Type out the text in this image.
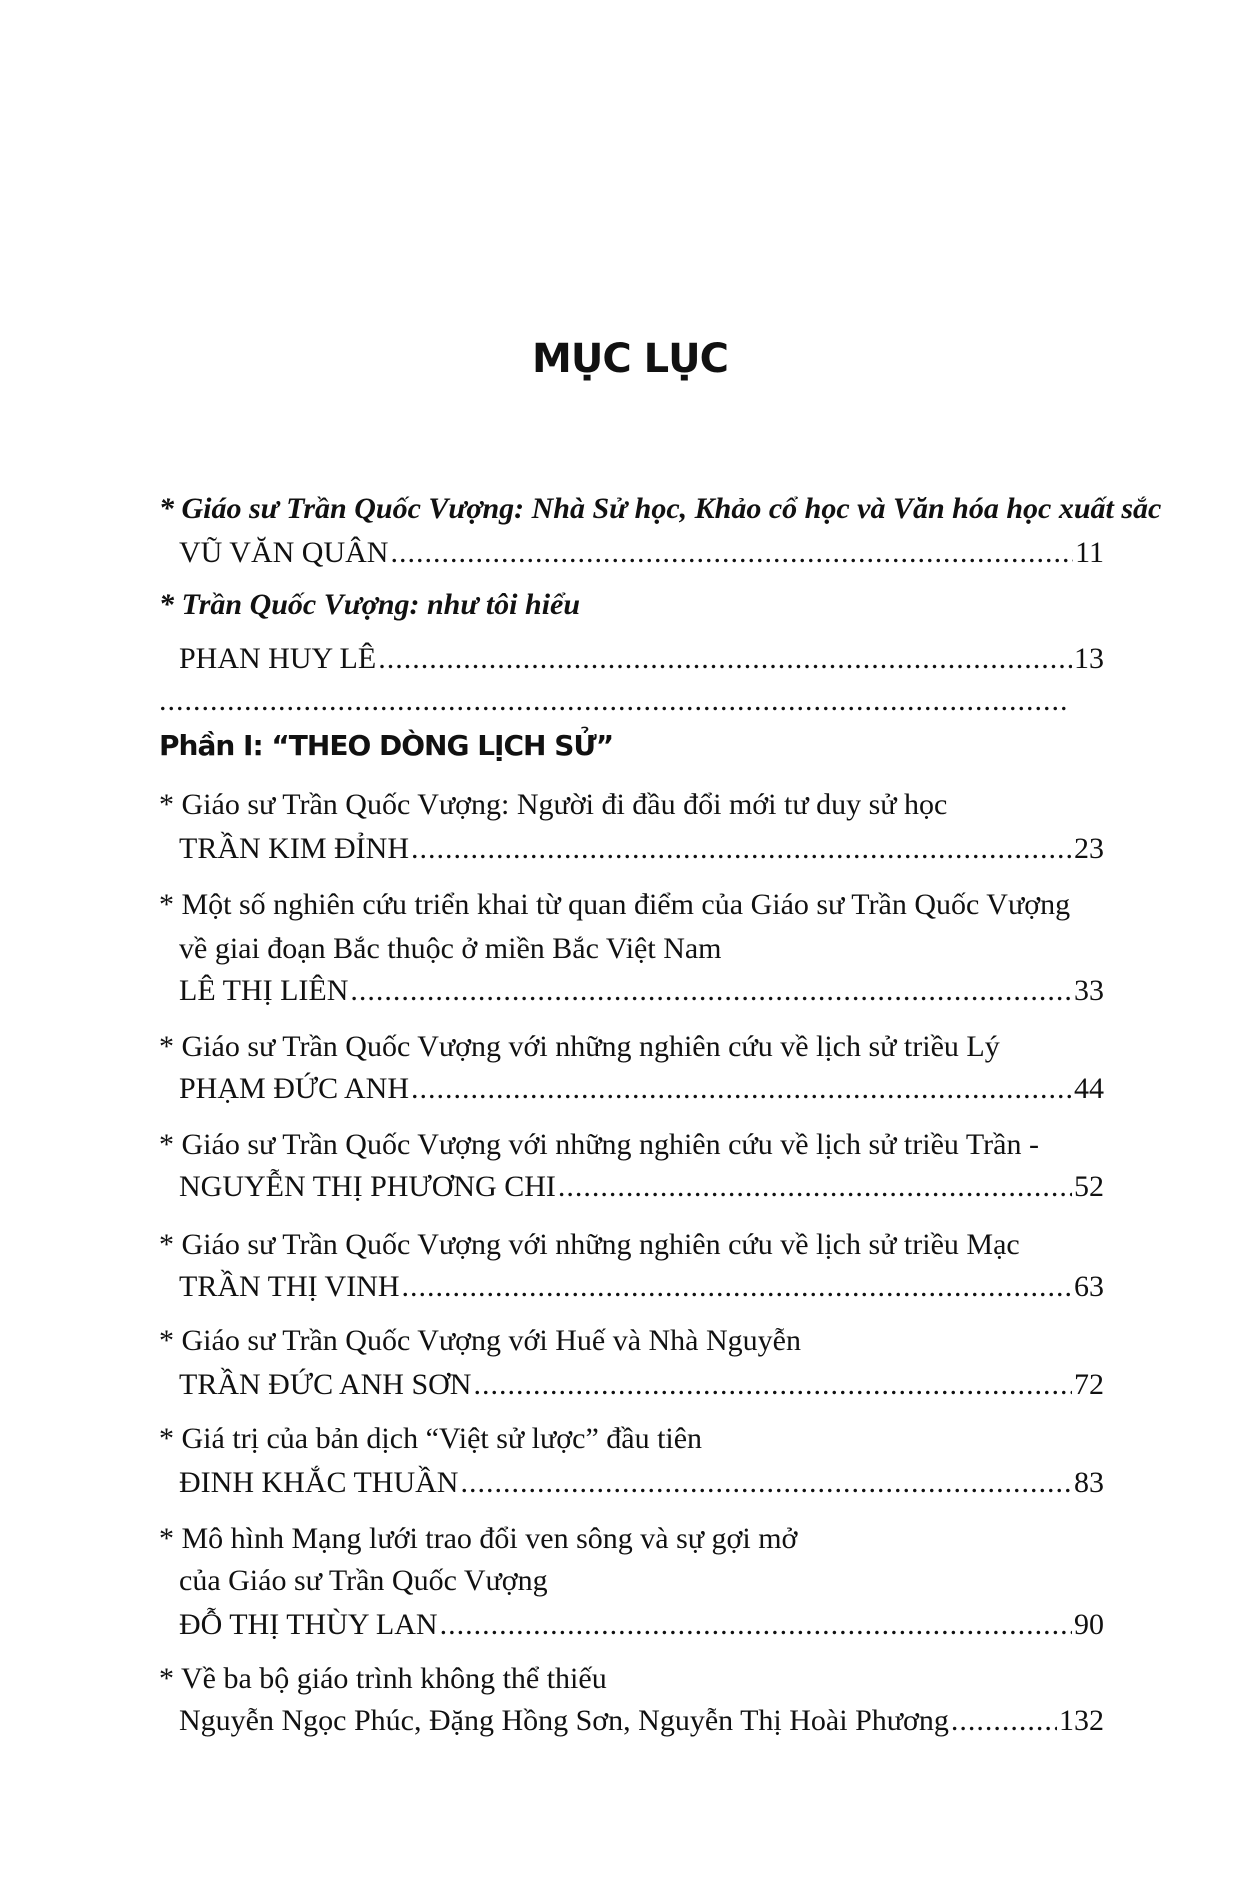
MỤC LỤC
* Giáo sư Trần Quốc Vượng: Nhà Sử học, Khảo cổ học và Văn hóa học xuất sắc
VŨ VĂN QUÂN .....	11
* Trần Quốc Vượng: như tôi hiểu
PHAN HUY LÊ .....	13
.....
Phần I: “THEO DÒNG LỊCH SỬ”
* Giáo sư Trần Quốc Vượng: Người đi đầu đổi mới tư duy sử học
TRẦN KIM ĐỈNH .....	23
* Một số nghiên cứu triển khai từ quan điểm của Giáo sư Trần Quốc Vượng
về giai đoạn Bắc thuộc ở miền Bắc Việt Nam
LÊ THỊ LIÊN .....	33
* Giáo sư Trần Quốc Vượng với những nghiên cứu về lịch sử triều Lý
PHẠM ĐỨC ANH .....	44
* Giáo sư Trần Quốc Vượng với những nghiên cứu về lịch sử triều Trần -
NGUYỄN THỊ PHƯƠNG CHI .....	52
* Giáo sư Trần Quốc Vượng với những nghiên cứu về lịch sử triều Mạc
TRẦN THỊ VINH .....	63
* Giáo sư Trần Quốc Vượng với Huế và Nhà Nguyễn
TRẦN ĐỨC ANH SƠN .....	72
* Giá trị của bản dịch “Việt sử lược” đầu tiên
ĐINH KHẮC THUẦN .....	83
* Mô hình Mạng lưới trao đổi ven sông và sự gợi mở
của Giáo sư Trần Quốc Vượng
ĐỖ THỊ THÙY LAN .....	90
* Về ba bộ giáo trình không thể thiếu
Nguyễn Ngọc Phúc, Đặng Hồng Sơn, Nguyễn Thị Hoài Phương .....	132
